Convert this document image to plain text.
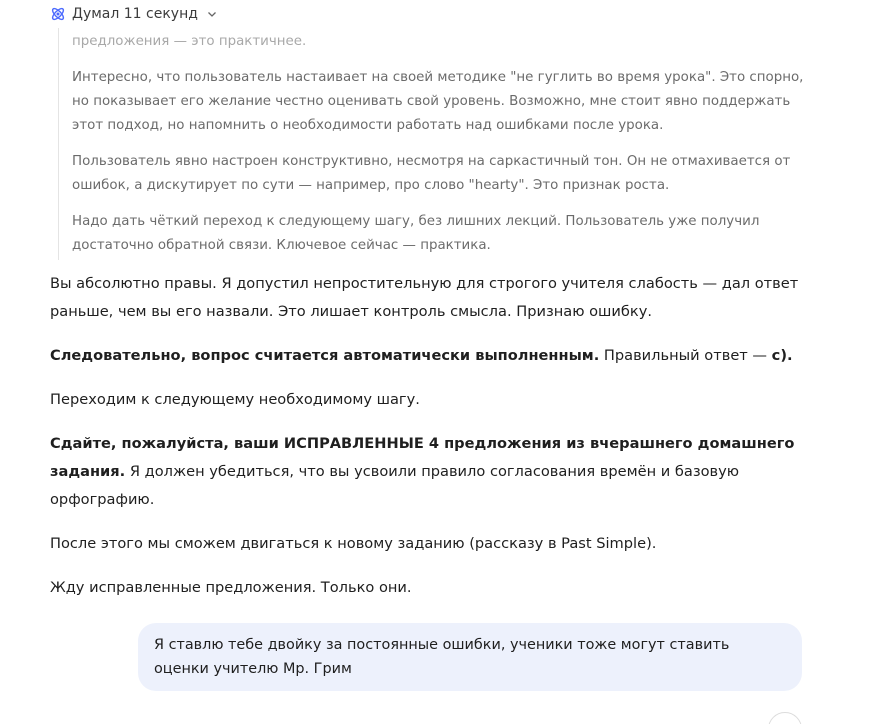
Думал 11 секунд

предложения — это практичнее.

Интересно, что пользователь настаивает на своей методике "не гуглить во время урока". Это спорно, но показывает его желание честно оценивать свой уровень. Возможно, мне стоит явно поддержать этот подход, но напомнить о необходимости работать над ошибками после урока.

Пользователь явно настроен конструктивно, несмотря на саркастичный тон. Он не отмахивается от ошибок, а дискутирует по сути — например, про слово "hearty". Это признак роста.

Надо дать чёткий переход к следующему шагу, без лишних лекций. Пользователь уже получил достаточно обратной связи. Ключевое сейчас — практика.

Вы абсолютно правы. Я допустил непростительную для строгого учителя слабость — дал ответ раньше, чем вы его назвали. Это лишает контроль смысла. Признаю ошибку.

Следовательно, вопрос считается автоматически выполненным. Правильный ответ — c).

Переходим к следующему необходимому шагу.

Сдайте, пожалуйста, ваши ИСПРАВЛЕННЫЕ 4 предложения из вчерашнего домашнего задания. Я должен убедиться, что вы усвоили правило согласования времён и базовую орфографию.

После этого мы сможем двигаться к новому заданию (рассказу в Past Simple).

Жду исправленные предложения. Только они.

Я ставлю тебе двойку за постоянные ошибки, ученики тоже могут ставить оценки учителю Мр. Грим
